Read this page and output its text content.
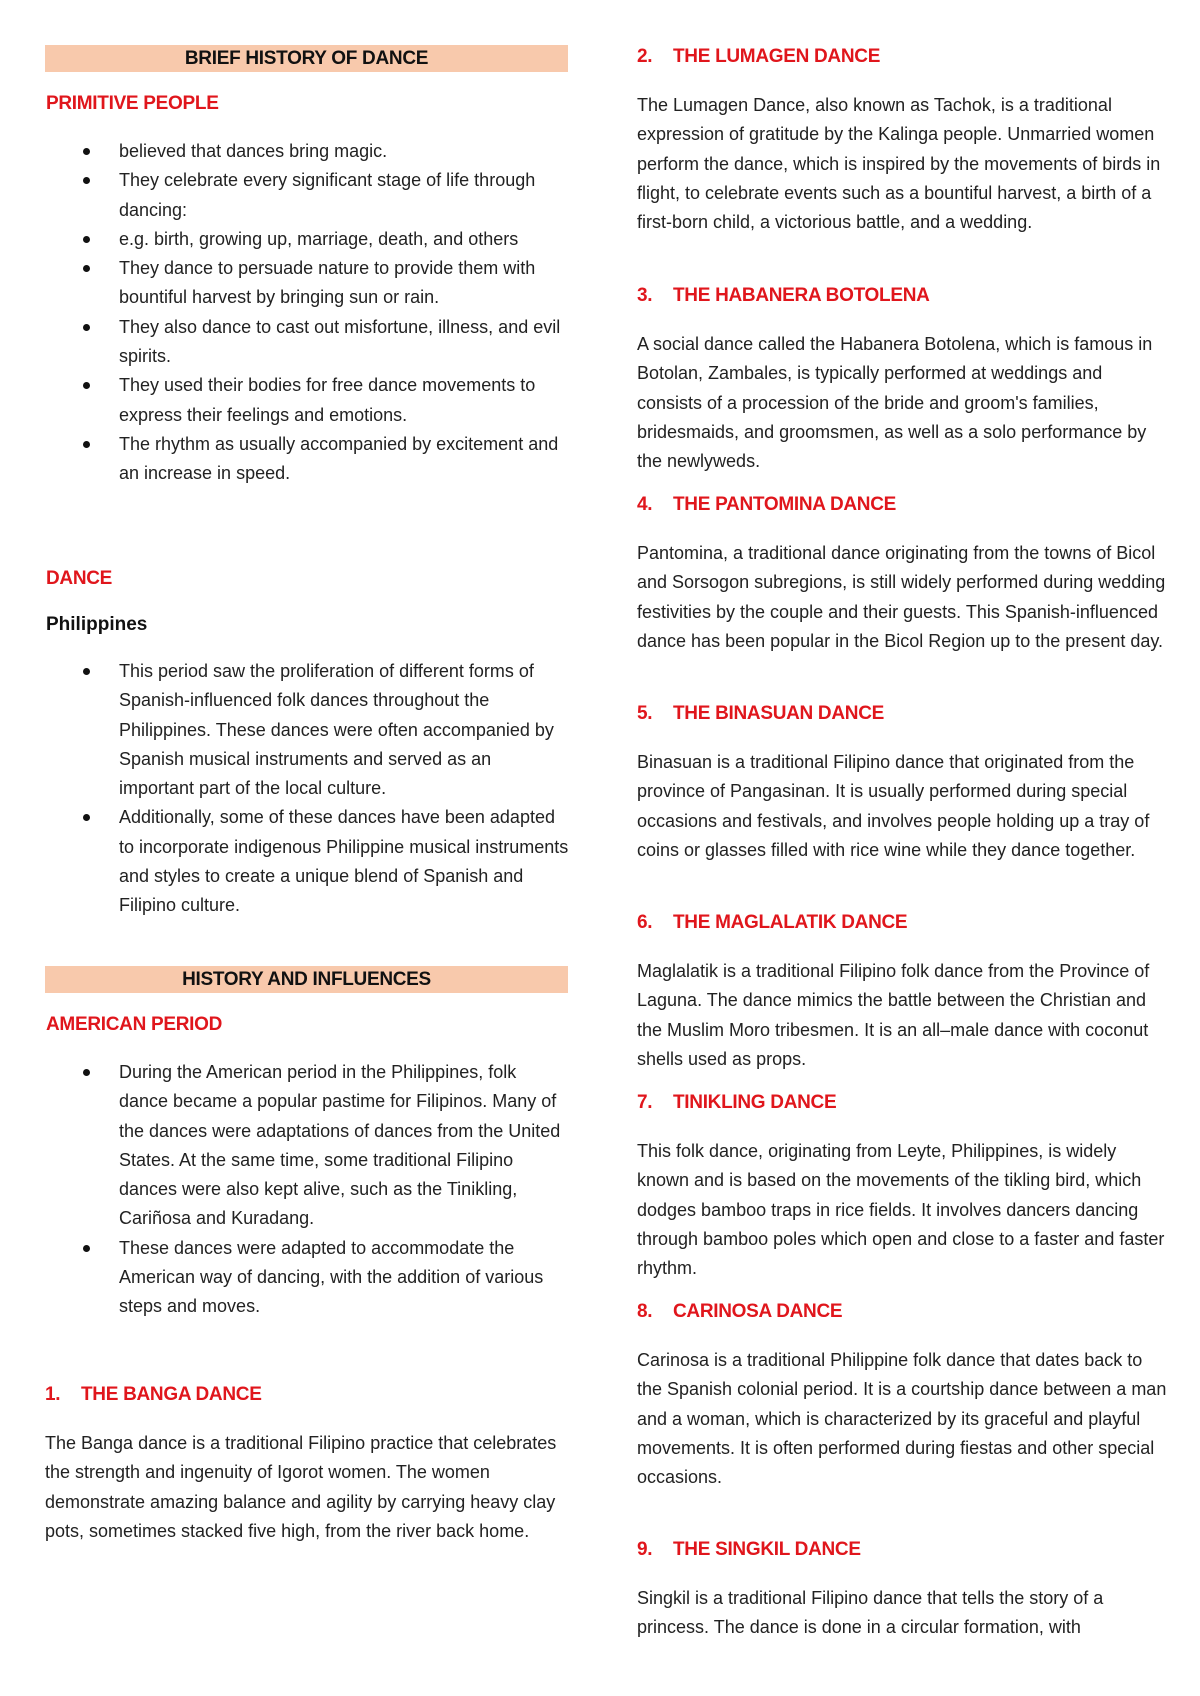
BRIEF HISTORY OF DANCE
PRIMITIVE PEOPLE
believed that dances bring magic.
They celebrate every significant stage of life through dancing:
e.g. birth, growing up, marriage, death, and others
They dance to persuade nature to provide them with bountiful harvest by bringing sun or rain.
They also dance to cast out misfortune, illness, and evil spirits.
They used their bodies for free dance movements to express their feelings and emotions.
The rhythm as usually accompanied by excitement and an increase in speed.
DANCE
Philippines
This period saw the proliferation of different forms of Spanish-influenced folk dances throughout the Philippines. These dances were often accompanied by Spanish musical instruments and served as an important part of the local culture.
Additionally, some of these dances have been adapted to incorporate indigenous Philippine musical instruments and styles to create a unique blend of Spanish and Filipino culture.
HISTORY AND INFLUENCES
AMERICAN PERIOD
During the American period in the Philippines, folk dance became a popular pastime for Filipinos. Many of the dances were adaptations of dances from the United States. At the same time, some traditional Filipino dances were also kept alive, such as the Tinikling, Cariñosa and Kuradang.
These dances were adapted to accommodate the American way of dancing, with the addition of various steps and moves.
1. THE BANGA DANCE

The Banga dance is a traditional Filipino practice that celebrates the strength and ingenuity of Igorot women. The women demonstrate amazing balance and agility by carrying heavy clay pots, sometimes stacked five high, from the river back home.

2. THE LUMAGEN DANCE

The Lumagen Dance, also known as Tachok, is a traditional expression of gratitude by the Kalinga people. Unmarried women perform the dance, which is inspired by the movements of birds in flight, to celebrate events such as a bountiful harvest, a birth of a first-born child, a victorious battle, and a wedding.

3. THE HABANERA BOTOLENA

A social dance called the Habanera Botolena, which is famous in Botolan, Zambales, is typically performed at weddings and consists of a procession of the bride and groom's families, bridesmaids, and groomsmen, as well as a solo performance by the newlyweds.

4. THE PANTOMINA DANCE

Pantomina, a traditional dance originating from the towns of Bicol and Sorsogon subregions, is still widely performed during wedding festivities by the couple and their guests. This Spanish-influenced dance has been popular in the Bicol Region up to the present day.

5. THE BINASUAN DANCE

Binasuan is a traditional Filipino dance that originated from the province of Pangasinan. It is usually performed during special occasions and festivals, and involves people holding up a tray of coins or glasses filled with rice wine while they dance together.

6. THE MAGLALATIK DANCE

Maglalatik is a traditional Filipino folk dance from the Province of Laguna. The dance mimics the battle between the Christian and the Muslim Moro tribesmen. It is an all–male dance with coconut shells used as props.

7. TINIKLING DANCE

This folk dance, originating from Leyte, Philippines, is widely known and is based on the movements of the tikling bird, which dodges bamboo traps in rice fields. It involves dancers dancing through bamboo poles which open and close to a faster and faster rhythm.

8. CARINOSA DANCE

Carinosa is a traditional Philippine folk dance that dates back to the Spanish colonial period. It is a courtship dance between a man and a woman, which is characterized by its graceful and playful movements. It is often performed during fiestas and other special occasions.

9. THE SINGKIL DANCE

Singkil is a traditional Filipino dance that tells the story of a princess. The dance is done in a circular formation, with
